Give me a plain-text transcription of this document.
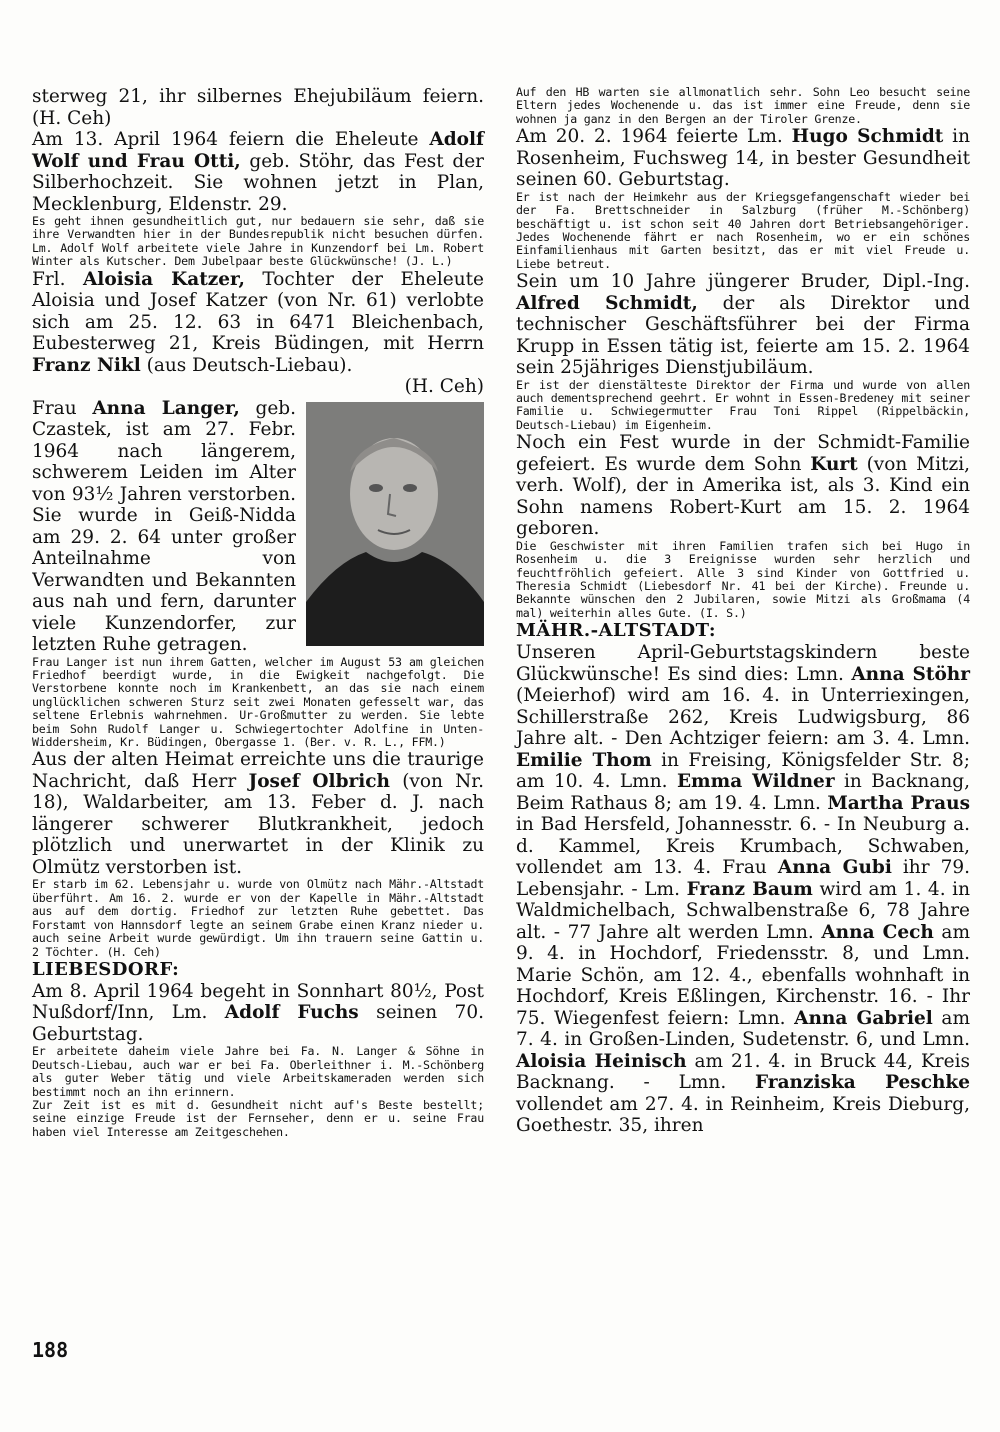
sterweg 21, ihr silbernes Ehejubiläum feiern. (H. Ceh)

Am 13. April 1964 feiern die Eheleute Adolf Wolf und Frau Otti, geb. Stöhr, das Fest der Silberhochzeit. Sie wohnen jetzt in Plan, Mecklenburg, Eldenstr. 29.

Es geht ihnen gesundheitlich gut, nur bedauern sie sehr, daß sie ihre Verwandten hier in der Bundesrepublik nicht besuchen dürfen. Lm. Adolf Wolf arbeitete viele Jahre in Kunzendorf bei Lm. Robert Winter als Kutscher. Dem Jubelpaar beste Glückwünsche! (J. L.)

Frl. Aloisia Katzer, Tochter der Eheleute Aloisia und Josef Katzer (von Nr. 61) verlobte sich am 25. 12. 63 in 6471 Bleichenbach, Eubesterweg 21, Kreis Büdingen, mit Herrn Franz Nikl (aus Deutsch-Liebau).

(H. Ceh)

Frau Anna Langer, geb. Czastek, ist am 27. Febr. 1964 nach längerem, schwerem Leiden im Alter von 93½ Jahren verstorben. Sie wurde in Geiß-Nidda am 29. 2. 64 unter großer Anteilnahme von Verwandten und Bekannten aus nah und fern, darunter viele Kunzendorfer, zur letzten Ruhe getragen.

Frau Langer ist nun ihrem Gatten, welcher im August 53 am gleichen Friedhof beerdigt wurde, in die Ewigkeit nachgefolgt. Die Verstorbene konnte noch im Krankenbett, an das sie nach einem unglücklichen schweren Sturz seit zwei Monaten gefesselt war, das seltene Erlebnis wahrnehmen. Ur-Großmutter zu werden. Sie lebte beim Sohn Rudolf Langer u. Schwiegertochter Adolfine in Unten-Widdersheim, Kr. Büdingen, Obergasse 1. (Ber. v. R. L., FFM.)

Aus der alten Heimat erreichte uns die traurige Nachricht, daß Herr Josef Olbrich (von Nr. 18), Waldarbeiter, am 13. Feber d. J. nach längerer schwerer Blutkrankheit, jedoch plötzlich und unerwartet in der Klinik zu Olmütz verstorben ist.

Er starb im 62. Lebensjahr u. wurde von Olmütz nach Mähr.-Altstadt überführt. Am 16. 2. wurde er von der Kapelle in Mähr.-Altstadt aus auf dem dortig. Friedhof zur letzten Ruhe gebettet. Das Forstamt von Hannsdorf legte an seinem Grabe einen Kranz nieder u. auch seine Arbeit wurde gewürdigt. Um ihn trauern seine Gattin u. 2 Töchter. (H. Ceh)

LIEBESDORF:

Am 8. April 1964 begeht in Sonnhart 80½, Post Nußdorf/Inn, Lm. Adolf Fuchs seinen 70. Geburtstag.

Er arbeitete daheim viele Jahre bei Fa. N. Langer & Söhne in Deutsch-Liebau, auch war er bei Fa. Oberleithner i. M.-Schönberg als guter Weber tätig und viele Arbeitskameraden werden sich bestimmt noch an ihn erinnern.

Zur Zeit ist es mit d. Gesundheit nicht auf's Beste bestellt; seine einzige Freude ist der Fernseher, denn er u. seine Frau haben viel Interesse am Zeitgeschehen.

Auf den HB warten sie allmonatlich sehr. Sohn Leo besucht seine Eltern jedes Wochenende u. das ist immer eine Freude, denn sie wohnen ja ganz in den Bergen an der Tiroler Grenze.

Am 20. 2. 1964 feierte Lm. Hugo Schmidt in Rosenheim, Fuchsweg 14, in bester Gesundheit seinen 60. Geburtstag.

Er ist nach der Heimkehr aus der Kriegsgefangenschaft wieder bei der Fa. Brettschneider in Salzburg (früher M.-Schönberg) beschäftigt u. ist schon seit 40 Jahren dort Betriebsangehöriger. Jedes Wochenende fährt er nach Rosenheim, wo er ein schönes Einfamilienhaus mit Garten besitzt, das er mit viel Freude u. Liebe betreut.

Sein um 10 Jahre jüngerer Bruder, Dipl.-Ing. Alfred Schmidt, der als Direktor und technischer Geschäftsführer bei der Firma Krupp in Essen tätig ist, feierte am 15. 2. 1964 sein 25jähriges Dienstjubiläum.

Er ist der dienstälteste Direktor der Firma und wurde von allen auch dementsprechend geehrt. Er wohnt in Essen-Bredeney mit seiner Familie u. Schwiegermutter Frau Toni Rippel (Rippelbäckin, Deutsch-Liebau) im Eigenheim.

Noch ein Fest wurde in der Schmidt-Familie gefeiert. Es wurde dem Sohn Kurt (von Mitzi, verh. Wolf), der in Amerika ist, als 3. Kind ein Sohn namens Robert-Kurt am 15. 2. 1964 geboren.

Die Geschwister mit ihren Familien trafen sich bei Hugo in Rosenheim u. die 3 Ereignisse wurden sehr herzlich und feuchtfröhlich gefeiert. Alle 3 sind Kinder von Gottfried u. Theresia Schmidt (Liebesdorf Nr. 41 bei der Kirche). Freunde u. Bekannte wünschen den 2 Jubilaren, sowie Mitzi als Großmama (4 mal) weiterhin alles Gute. (I. S.)

MÄHR.-ALTSTADT:

Unseren April-Geburtstagskindern beste Glückwünsche! Es sind dies: Lmn. Anna Stöhr (Meierhof) wird am 16. 4. in Unterriexingen, Schillerstraße 262, Kreis Ludwigsburg, 86 Jahre alt. - Den Achtziger feiern: am 3. 4. Lmn. Emilie Thom in Freising, Königsfelder Str. 8; am 10. 4. Lmn. Emma Wildner in Backnang, Beim Rathaus 8; am 19. 4. Lmn. Martha Praus in Bad Hersfeld, Johannesstr. 6. - In Neuburg a. d. Kammel, Kreis Krumbach, Schwaben, vollendet am 13. 4. Frau Anna Gubi ihr 79. Lebensjahr. - Lm. Franz Baum wird am 1. 4. in Waldmichelbach, Schwalbenstraße 6, 78 Jahre alt. - 77 Jahre alt werden Lmn. Anna Cech am 9. 4. in Hochdorf, Friedensstr. 8, und Lmn. Marie Schön, am 12. 4., ebenfalls wohnhaft in Hochdorf, Kreis Eßlingen, Kirchenstr. 16. - Ihr 75. Wiegenfest feiern: Lmn. Anna Gabriel am 7. 4. in Großen-Linden, Sudetenstr. 6, und Lmn. Aloisia Heinisch am 21. 4. in Bruck 44, Kreis Backnang. - Lmn. Franziska Peschke vollendet am 27. 4. in Reinheim, Kreis Dieburg, Goethestr. 35, ihren

188
